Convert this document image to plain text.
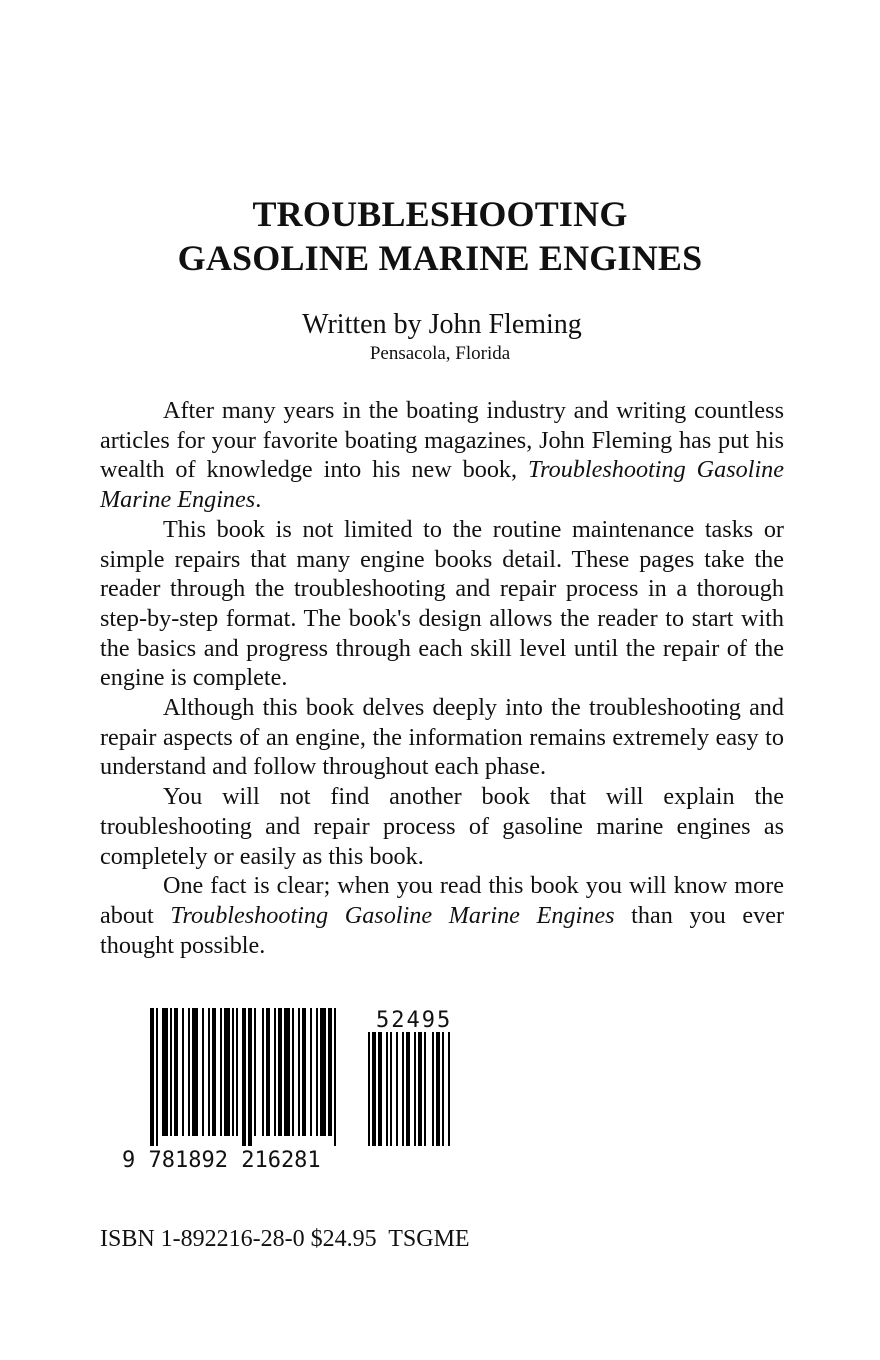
TROUBLESHOOTING
GASOLINE MARINE ENGINES
Written by John Fleming
Pensacola, Florida

After many years in the boating industry and writing countless articles for your favorite boating magazines, John Fleming has put his wealth of knowledge into his new book, Troubleshooting Gasoline Marine Engines.

This book is not limited to the routine maintenance tasks or simple repairs that many engine books detail. These pages take the reader through the troubleshooting and repair process in a thorough step-by-step format. The book's design allows the reader to start with the basics and progress through each skill level until the repair of the engine is complete.

Although this book delves deeply into the troubleshooting and repair aspects of an engine, the information remains extremely easy to understand and follow throughout each phase.

You will not find another book that will explain the troubleshooting and repair process of gasoline marine engines as completely or easily as this book.

One fact is clear; when you read this book you will know more about Troubleshooting Gasoline Marine Engines than you ever thought possible.

9 781892 216281
52495
ISBN 1-892216-28-0 $24.95  TSGME
